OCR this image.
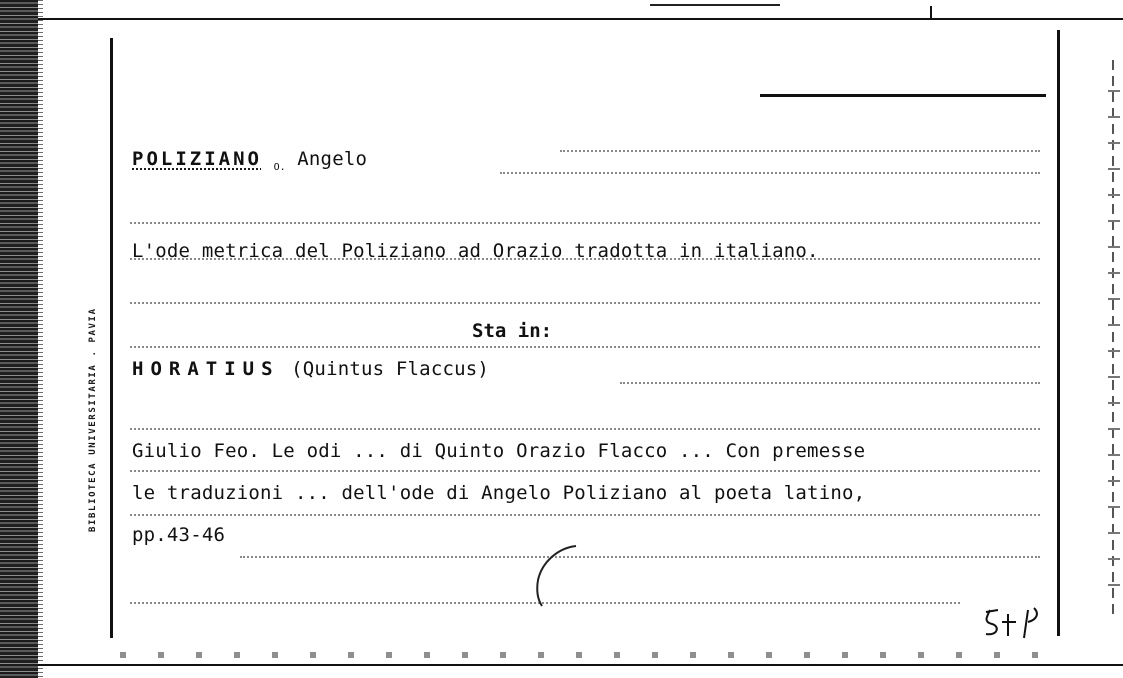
BIBLIOTECA UNIVERSITARIA . PAVIA
POLIZIANO $_{O.}$ Angelo
L'ode metrica del Poliziano ad Orazio tradotta in italiano.
Sta in:
HORATIUS (Quintus Flaccus)
Giulio Feo. Le odi ... di Quinto Orazio Flacco ... Con premesse
le traduzioni ... dell'ode di Angelo Poliziano al poeta latino,
pp.43-46
